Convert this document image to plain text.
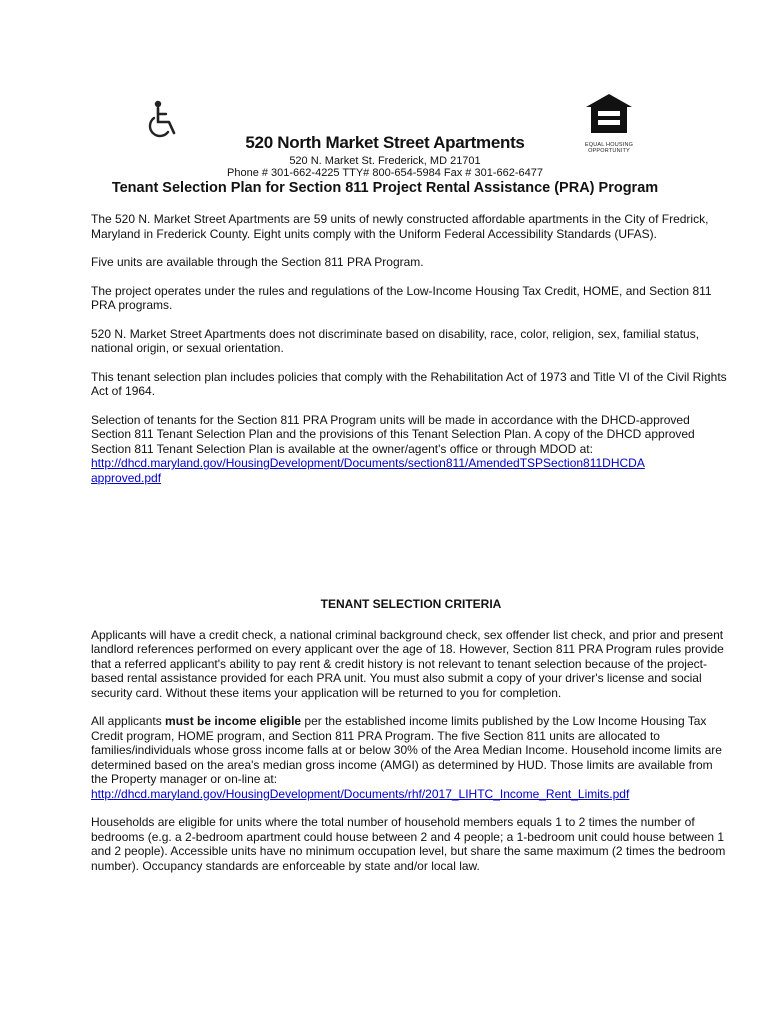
EQUAL HOUSING
OPPORTUNITY
520 North Market Street Apartments
520 N. Market St. Frederick, MD 21701
Phone # 301-662-4225 TTY# 800-654-5984 Fax # 301-662-6477
Tenant Selection Plan for Section 811 Project Rental Assistance (PRA) Program

The 520 N. Market Street Apartments are 59 units of newly constructed affordable apartments in the City of Fredrick, Maryland in Frederick County. Eight units comply with the Uniform Federal Accessibility Standards (UFAS).

Five units are available through the Section 811 PRA Program.

The project operates under the rules and regulations of the Low-Income Housing Tax Credit, HOME, and Section 811 PRA programs.

520 N. Market Street Apartments does not discriminate based on disability, race, color, religion, sex, familial status, national origin, or sexual orientation.

This tenant selection plan includes policies that comply with the Rehabilitation Act of 1973 and Title VI of the Civil Rights Act of 1964.

Selection of tenants for the Section 811 PRA Program units will be made in accordance with the DHCD-approved Section 811 Tenant Selection Plan and the provisions of this Tenant Selection Plan. A copy of the DHCD approved Section 811 Tenant Selection Plan is available at the owner/agent's office or through MDOD at:

http://dhcd.maryland.gov/HousingDevelopment/Documents/section811/AmendedTSPSection811DHCDA
approved.pdf

TENANT SELECTION CRITERIA

Applicants will have a credit check, a national criminal background check, sex offender list check, and prior and present landlord references performed on every applicant over the age of 18. However, Section 811 PRA Program rules provide that a referred applicant's ability to pay rent & credit history is not relevant to tenant selection because of the project-based rental assistance provided for each PRA unit. You must also submit a copy of your driver's license and social security card. Without these items your application will be returned to you for completion.

All applicants must be income eligible per the established income limits published by the Low Income Housing Tax Credit program, HOME program, and Section 811 PRA Program. The five Section 811 units are allocated to families/individuals whose gross income falls at or below 30% of the Area Median Income. Household income limits are determined based on the area's median gross income (AMGI) as determined by HUD. Those limits are available from the Property manager or on-line at:

http://dhcd.maryland.gov/HousingDevelopment/Documents/rhf/2017_LIHTC_Income_Rent_Limits.pdf

Households are eligible for units where the total number of household members equals 1 to 2 times the number of bedrooms (e.g. a 2-bedroom apartment could house between 2 and 4 people; a 1-bedroom unit could house between 1 and 2 people). Accessible units have no minimum occupation level, but share the same maximum (2 times the bedroom number). Occupancy standards are enforceable by state and/or local law.
